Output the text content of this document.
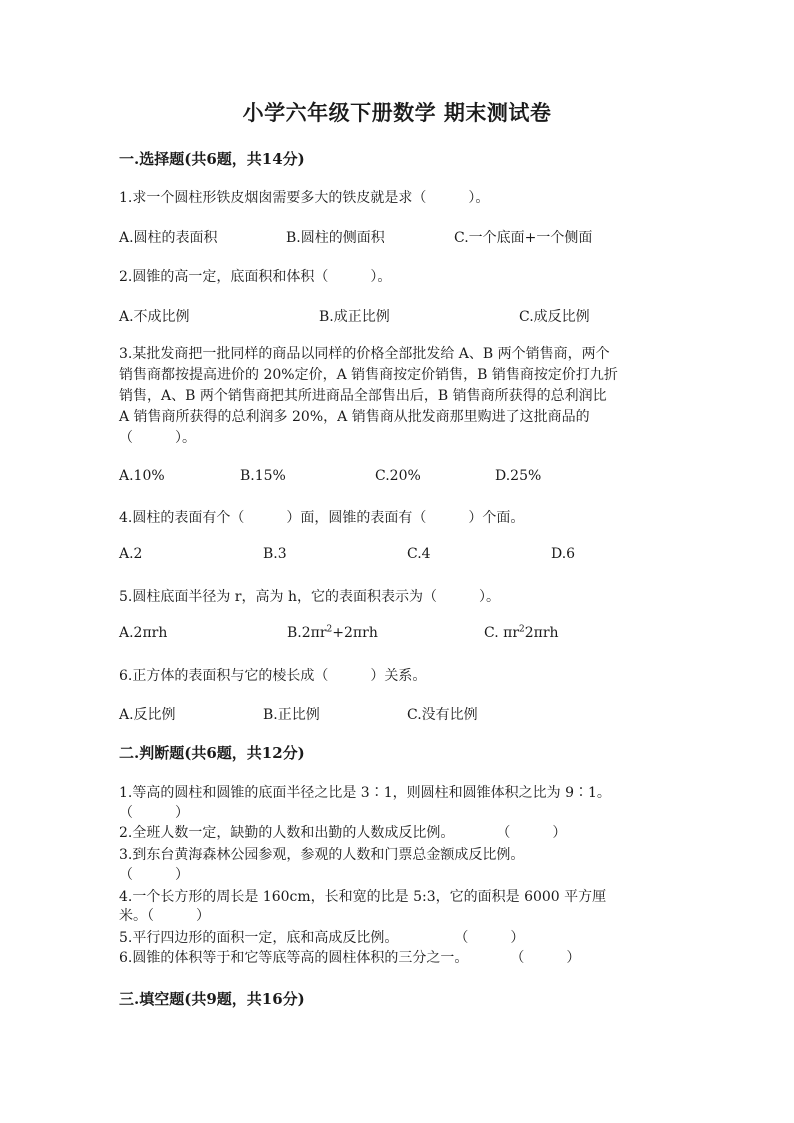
小学六年级下册数学 期末测试卷
一.选择题(共6题，共14分)
1.求一个圆柱形铁皮烟囱需要多大的铁皮就是求（　　　）。
A.圆柱的表面积	B.圆柱的侧面积	C.一个底面+一个侧面
2.圆锥的高一定，底面积和体积（　　　）。
A.不成比例	B.成正比例	C.成反比例
3.某批发商把一批同样的商品以同样的价格全部批发给 A、B 两个销售商，两个
销售商都按提高进价的 20%定价，A 销售商按定价销售，B 销售商按定价打九折
销售，A、B 两个销售商把其所进商品全部售出后，B 销售商所获得的总利润比
A 销售商所获得的总利润多 20%，A 销售商从批发商那里购进了这批商品的
（　　　）。
A.10%	B.15%	C.20%	D.25%
4.圆柱的表面有个（　　　）面，圆锥的表面有（　　　）个面。
A.2	B.3	C.4	D.6
5.圆柱底面半径为 r，高为 h，它的表面积表示为（　　　）。
A.2πrh	$B.2\pi r^2+2\pi rh$	C. $\pi r^22\pi rh$
6.正方体的表面积与它的棱长成（　　　）关系。
A.反比例	B.正比例	C.没有比例
二.判断题(共6题，共12分)
1.等高的圆柱和圆锥的底面半径之比是 3∶1，则圆柱和圆锥体积之比为 9∶1。
（　　　）
2.全班人数一定，缺勤的人数和出勤的人数成反比例。　　　　（　　　）
3.到东台黄海森林公园参观，参观的人数和门票总金额成反比例。
（　　　）
4.一个长方形的周长是 160cm，长和宽的比是 5:3，它的面积是 6000 平方厘
米。（　　　）
5.平行四边形的面积一定，底和高成反比例。　　　　　（　　　）
6.圆锥的体积等于和它等底等高的圆柱体积的三分之一。　　　　（　　　）
三.填空题(共9题，共16分)
